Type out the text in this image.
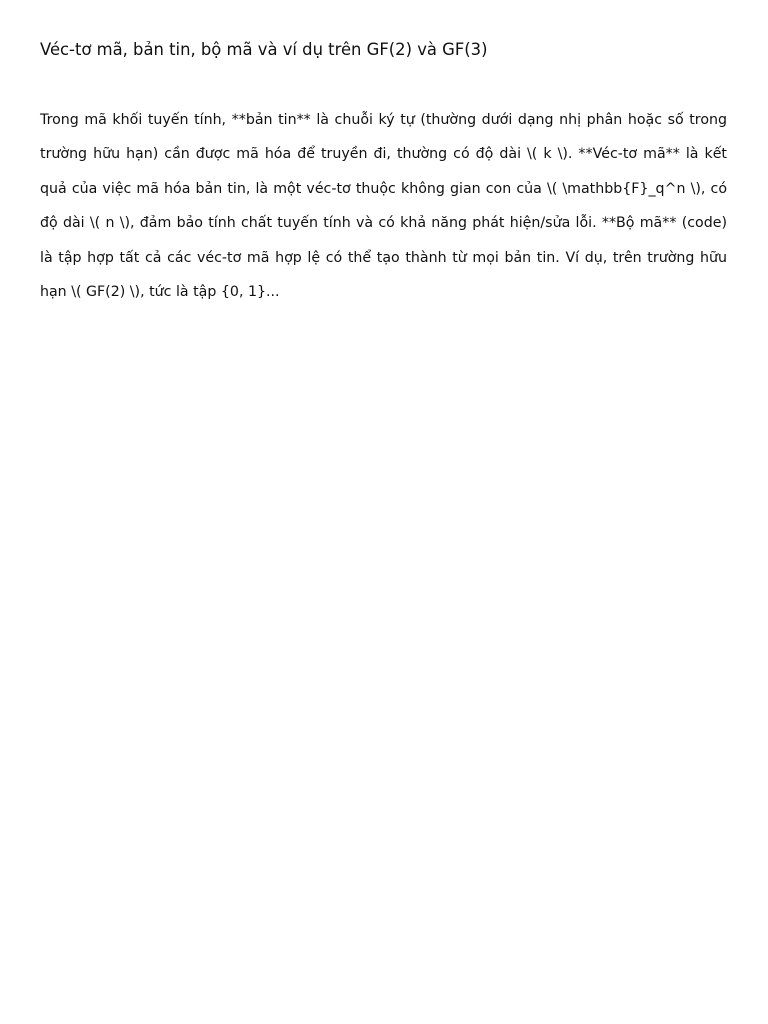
Véc-tơ mã, bản tin, bộ mã và ví dụ trên GF(2) và GF(3)

Trong mã khối tuyến tính, **bản tin** là chuỗi ký tự (thường dưới dạng nhị phân hoặc số trong trường hữu hạn) cần được mã hóa để truyền đi, thường có độ dài \( k \). **Véc-tơ mã** là kết quả của việc mã hóa bản tin, là một véc-tơ thuộc không gian con của \( \mathbb{F}_q^n \), có độ dài \( n \), đảm bảo tính chất tuyến tính và có khả năng phát hiện/sửa lỗi. **Bộ mã** (code) là tập hợp tất cả các véc-tơ mã hợp lệ có thể tạo thành từ mọi bản tin. Ví dụ, trên trường hữu hạn \( GF(2) \), tức là tập {0, 1}...
